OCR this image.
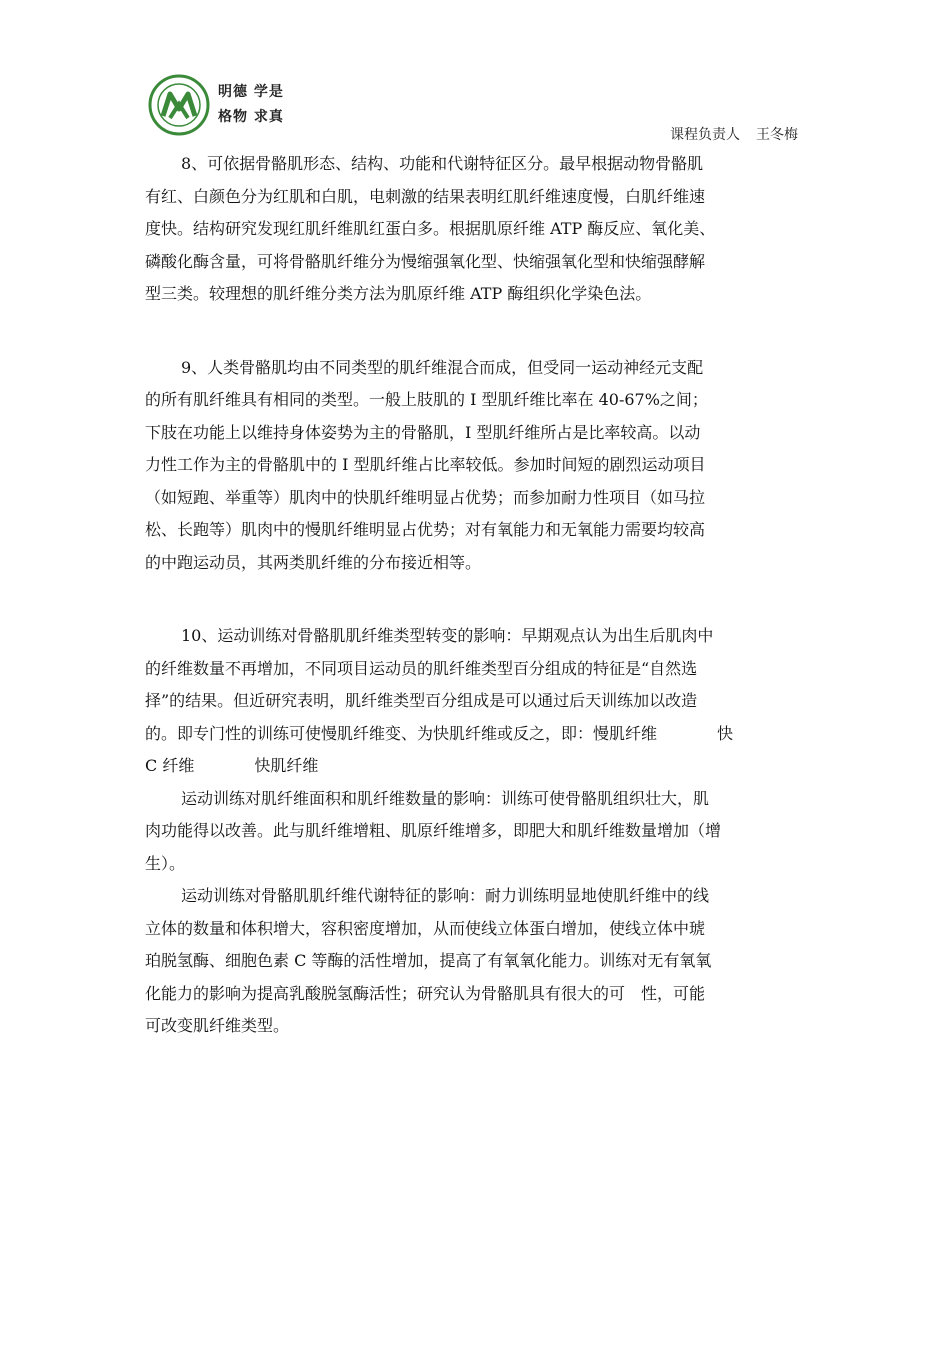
明德 学是
格物 求真
课程负责人 王冬梅
8、可依据骨骼肌形态、结构、功能和代谢特征区分。最早根据动物骨骼肌
有红、白颜色分为红肌和白肌，电刺激的结果表明红肌纤维速度慢，白肌纤维速
度快。结构研究发现红肌纤维肌红蛋白多。根据肌原纤维 ATP 酶反应、氧化美、
磷酸化酶含量，可将骨骼肌纤维分为慢缩强氧化型、快缩强氧化型和快缩强酵解
型三类。较理想的肌纤维分类方法为肌原纤维 ATP 酶组织化学染色法。
9、人类骨骼肌均由不同类型的肌纤维混合而成，但受同一运动神经元支配
的所有肌纤维具有相同的类型。一般上肢肌的 I 型肌纤维比率在 40-67%之间；
下肢在功能上以维持身体姿势为主的骨骼肌，I 型肌纤维所占是比率较高。以动
力性工作为主的骨骼肌中的 I 型肌纤维占比率较低。参加时间短的剧烈运动项目
（如短跑、举重等）肌肉中的快肌纤维明显占优势；而参加耐力性项目（如马拉
松、长跑等）肌肉中的慢肌纤维明显占优势；对有氧能力和无氧能力需要均较高
的中跑运动员，其两类肌纤维的分布接近相等。
10、运动训练对骨骼肌肌纤维类型转变的影响：早期观点认为出生后肌肉中
的纤维数量不再增加，不同项目运动员的肌纤维类型百分组成的特征是“自然选
择”的结果。但近研究表明，肌纤维类型百分组成是可以通过后天训练加以改造
的。即专门性的训练可使慢肌纤维变、为快肌纤维或反之，即：慢肌纤维	快
C 纤维	快肌纤维
运动训练对肌纤维面积和肌纤维数量的影响：训练可使骨骼肌组织壮大，肌
肉功能得以改善。此与肌纤维增粗、肌原纤维增多，即肥大和肌纤维数量增加（增
生）。
运动训练对骨骼肌肌纤维代谢特征的影响：耐力训练明显地使肌纤维中的线
立体的数量和体积增大，容积密度增加，从而使线立体蛋白增加，使线立体中琥
珀脱氢酶、细胞色素 C 等酶的活性增加，提高了有氧氧化能力。训练对无有氧氧
化能力的影响为提高乳酸脱氢酶活性；研究认为骨骼肌具有很大的可　性，可能
可改变肌纤维类型。
